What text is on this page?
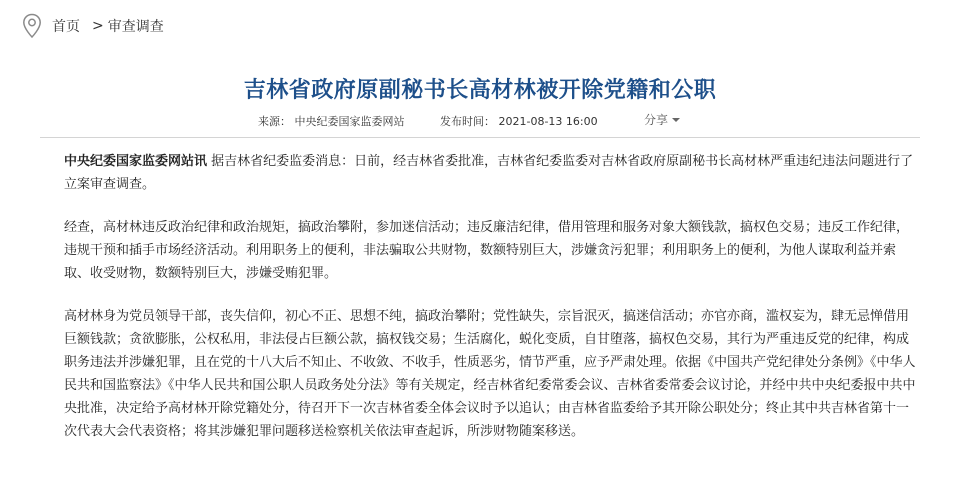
首页 > 审查调查
吉林省政府原副秘书长高材林被开除党籍和公职
来源： 中央纪委国家监委网站	发布时间： 2021-08-13 16:00	分享

中央纪委国家监委网站讯 据吉林省纪委监委消息：日前，经吉林省委批准，吉林省纪委监委对吉林省政府原副秘书长高材林严重违纪违法问题进行了立案审查调查。

经查，高材林违反政治纪律和政治规矩，搞政治攀附，参加迷信活动；违反廉洁纪律，借用管理和服务对象大额钱款，搞权色交易；违反工作纪律，违规干预和插手市场经济活动。利用职务上的便利，非法骗取公共财物，数额特别巨大，涉嫌贪污犯罪；利用职务上的便利，为他人谋取利益并索取、收受财物，数额特别巨大，涉嫌受贿犯罪。

高材林身为党员领导干部，丧失信仰，初心不正、思想不纯，搞政治攀附；党性缺失，宗旨泯灭，搞迷信活动；亦官亦商，滥权妄为，肆无忌惮借用巨额钱款；贪欲膨胀，公权私用，非法侵占巨额公款，搞权钱交易；生活腐化，蜕化变质，自甘堕落，搞权色交易，其行为严重违反党的纪律，构成职务违法并涉嫌犯罪，且在党的十八大后不知止、不收敛、不收手，性质恶劣，情节严重，应予严肃处理。依据《中国共产党纪律处分条例》《中华人民共和国监察法》《中华人民共和国公职人员政务处分法》等有关规定，经吉林省纪委常委会议、吉林省委常委会议讨论，并经中共中央纪委报中共中央批准，决定给予高材林开除党籍处分，待召开下一次吉林省委全体会议时予以追认；由吉林省监委给予其开除公职处分；终止其中共吉林省第十一次代表大会代表资格；将其涉嫌犯罪问题移送检察机关依法审查起诉，所涉财物随案移送。
